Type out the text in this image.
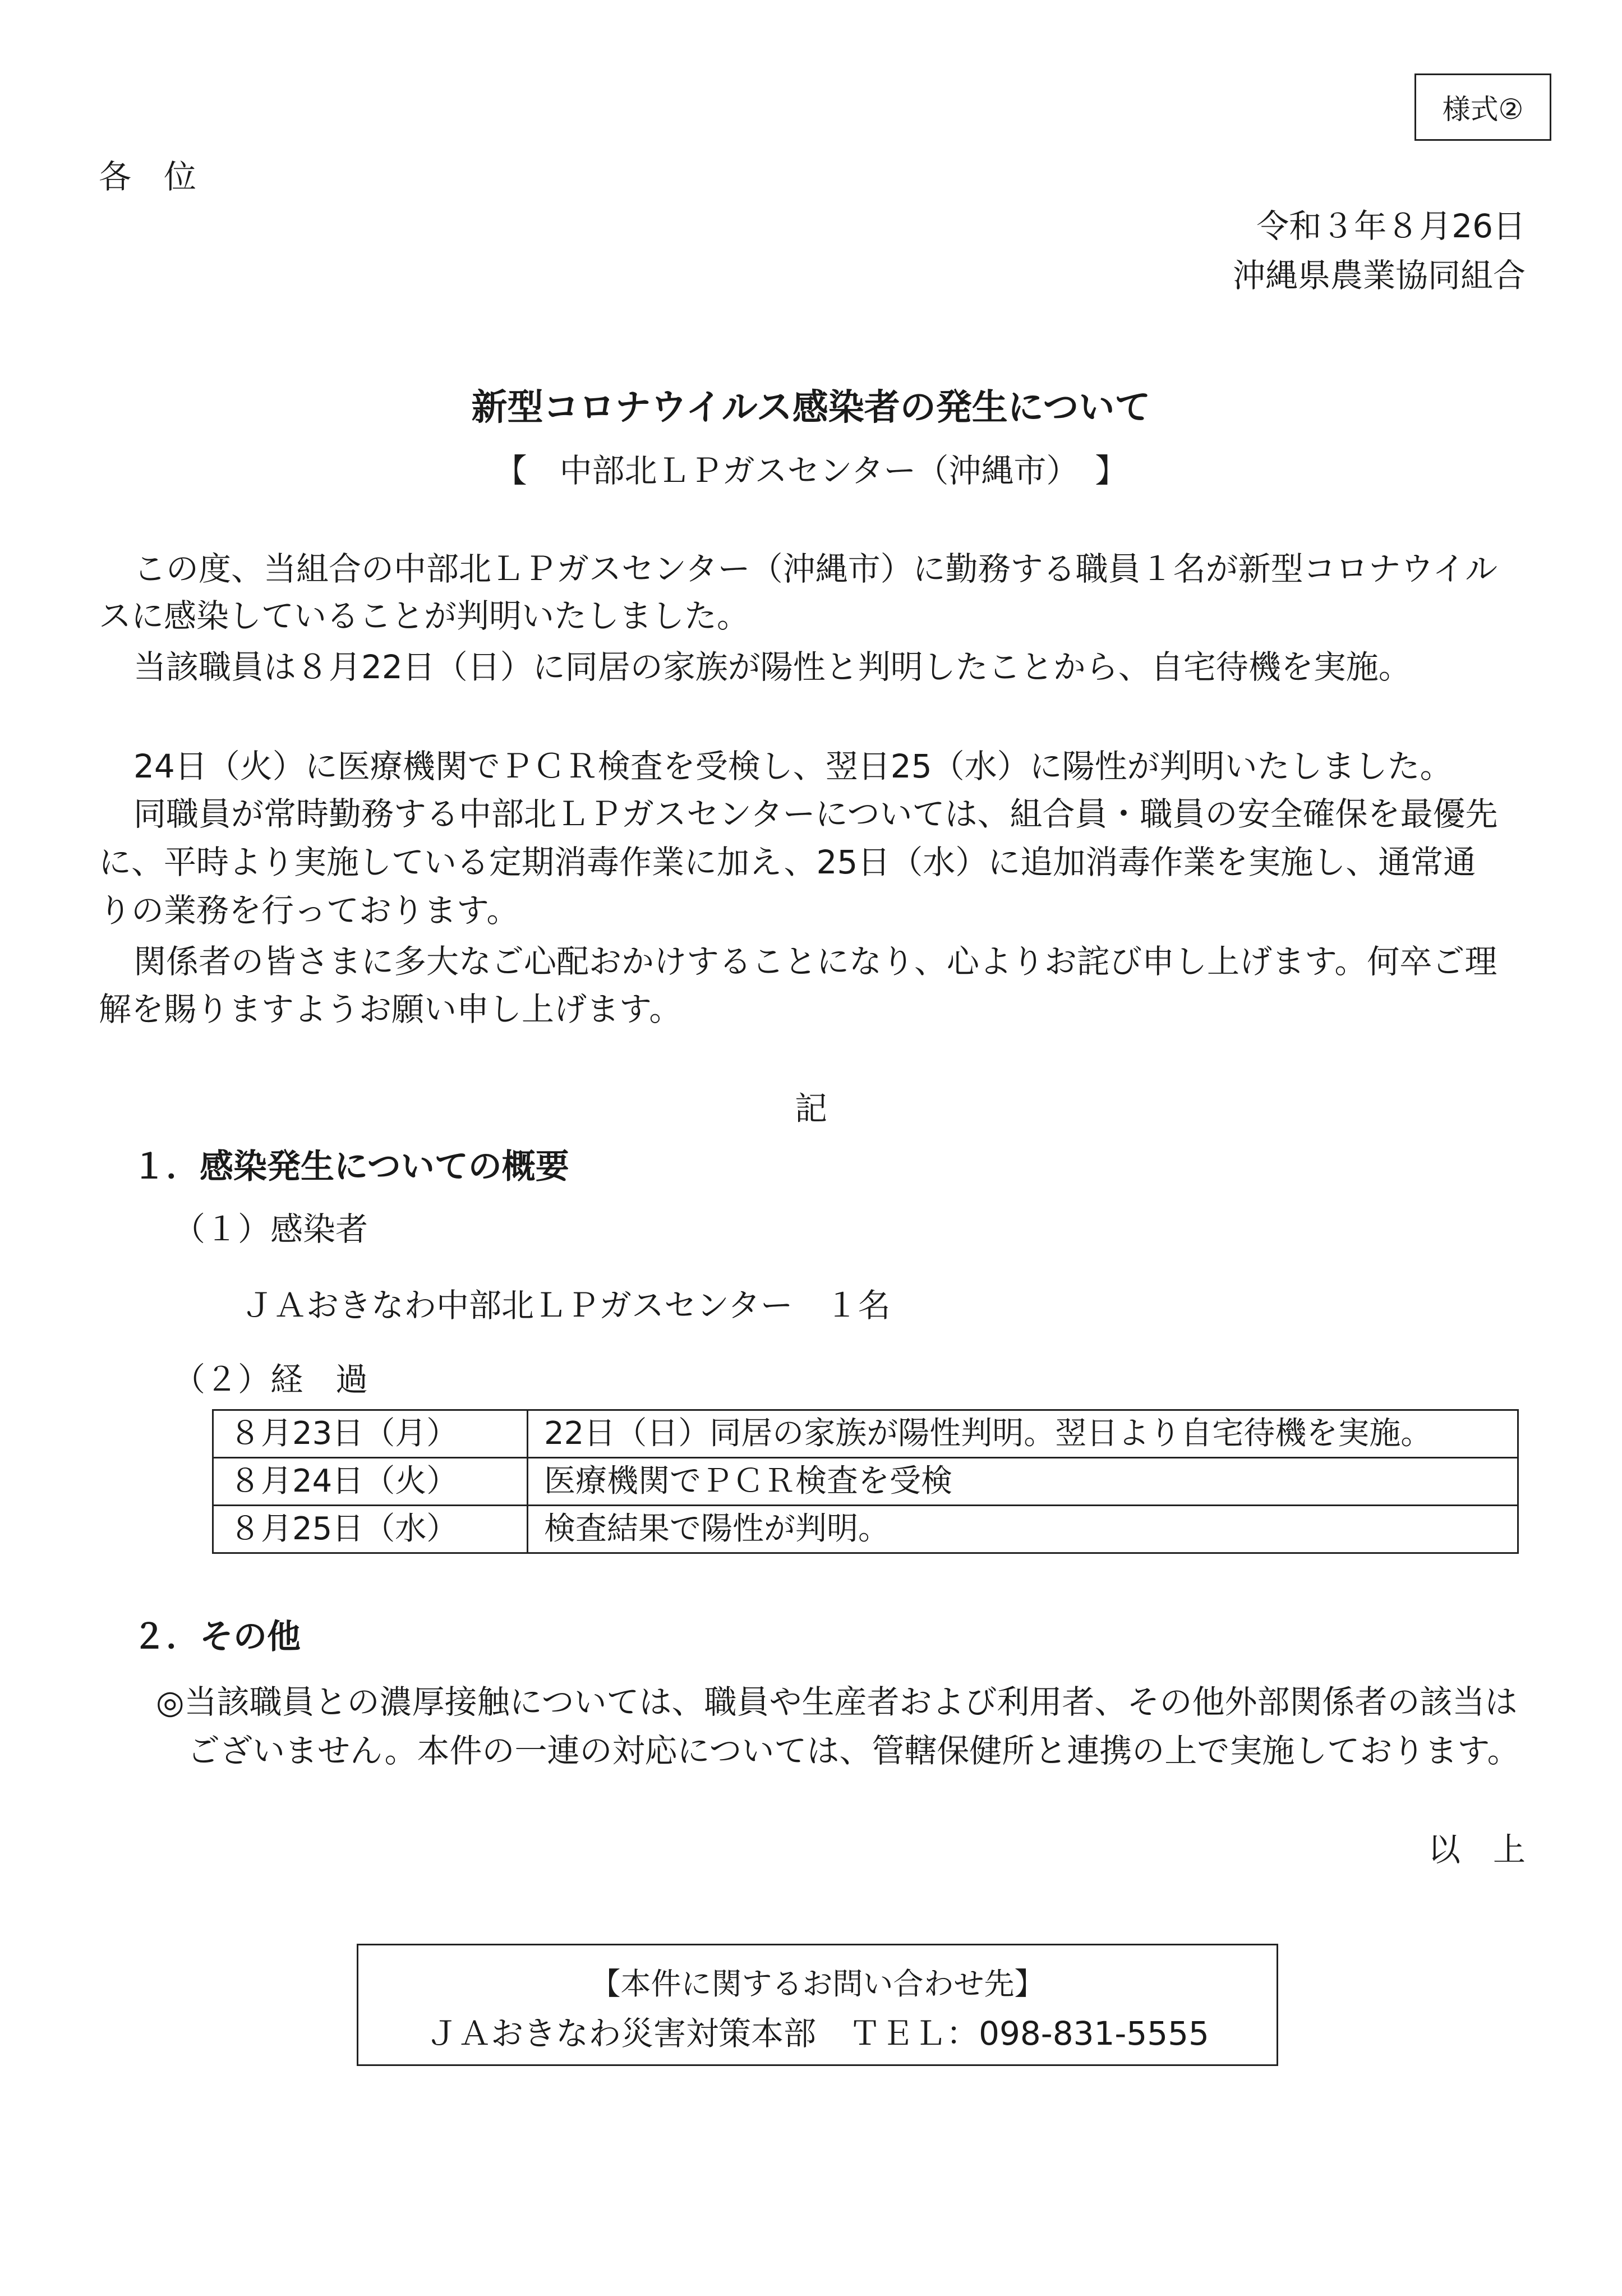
様式②
各　位
令和３年８月26日
沖縄県農業協同組合
新型コロナウイルス感染者の発生について
【　中部北ＬＰガスセンター（沖縄市）　】
この度、当組合の中部北ＬＰガスセンター（沖縄市）に勤務する職員１名が新型コロナウイル
スに感染していることが判明いたしました。
当該職員は８月22日（日）に同居の家族が陽性と判明したことから、自宅待機を実施。
24日（火）に医療機関でＰＣＲ検査を受検し、翌日25（水）に陽性が判明いたしました。
同職員が常時勤務する中部北ＬＰガスセンターについては、組合員・職員の安全確保を最優先
に、平時より実施している定期消毒作業に加え、25日（水）に追加消毒作業を実施し、通常通
りの業務を行っております。
関係者の皆さまに多大なご心配おかけすることになり、心よりお詫び申し上げます。何卒ご理
解を賜りますようお願い申し上げます。
記
１．感染発生についての概要
（１）感染者
ＪＡおきなわ中部北ＬＰガスセンター　１名
（２）経　過
８月23日（月）	22日（日）同居の家族が陽性判明。翌日より自宅待機を実施。
８月24日（火）	医療機関でＰＣＲ検査を受検
８月25日（水）	検査結果で陽性が判明。
２．その他
◎当該職員との濃厚接触については、職員や生産者および利用者、その他外部関係者の該当は
ございません。本件の一連の対応については、管轄保健所と連携の上で実施しております。
以　上
【本件に関するお問い合わせ先】
ＪＡおきなわ災害対策本部　ＴＥＬ：098-831-5555
